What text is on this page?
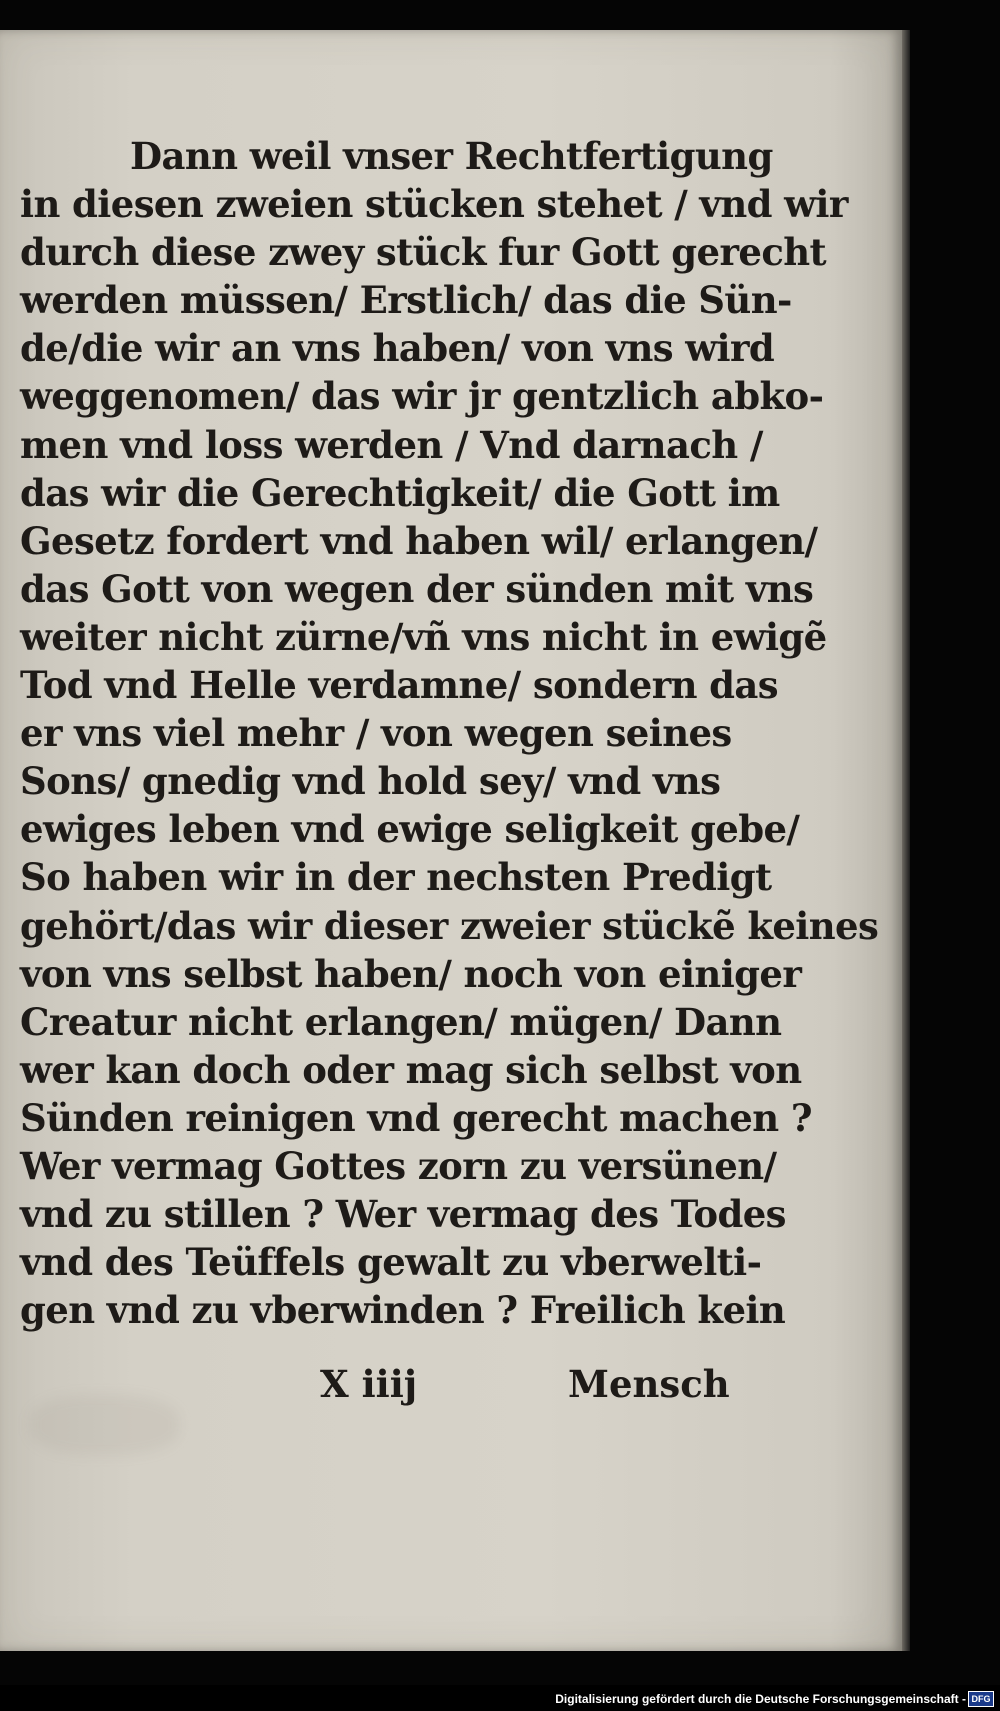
Dann weil vnser Rechtfertigung
in diesen zweien stücken stehet / vnd wir
durch diese zwey stück fur Gott gerecht
werden müssen/ Erstlich/ das die Sün-
de/die wir an vns haben/ von vns wird
weggenomen/ das wir jr gentzlich abko-
men vnd loss werden / Vnd darnach /
das wir die Gerechtigkeit/ die Gott im
Gesetz fordert vnd haben wil/ erlangen/
das Gott von wegen der sünden mit vns
weiter nicht zürne/vñ vns nicht in ewigẽ
Tod vnd Helle verdamne/ sondern das
er vns viel mehr / von wegen seines
Sons/ gnedig vnd hold sey/ vnd vns
ewiges leben vnd ewige seligkeit gebe/
So haben wir in der nechsten Predigt
gehört/das wir dieser zweier stückẽ keines
von vns selbst haben/ noch von einiger
Creatur nicht erlangen/ mügen/ Dann
wer kan doch oder mag sich selbst von
Sünden reinigen vnd gerecht machen ?
Wer vermag Gottes zorn zu versünen/
vnd zu stillen ? Wer vermag des Todes
vnd des Teüffels gewalt zu vberwelti-
gen vnd zu vberwinden ? Freilich kein
X iiij	Mensch
Digitalisierung gefördert durch die Deutsche Forschungsgemeinschaft - DFG
